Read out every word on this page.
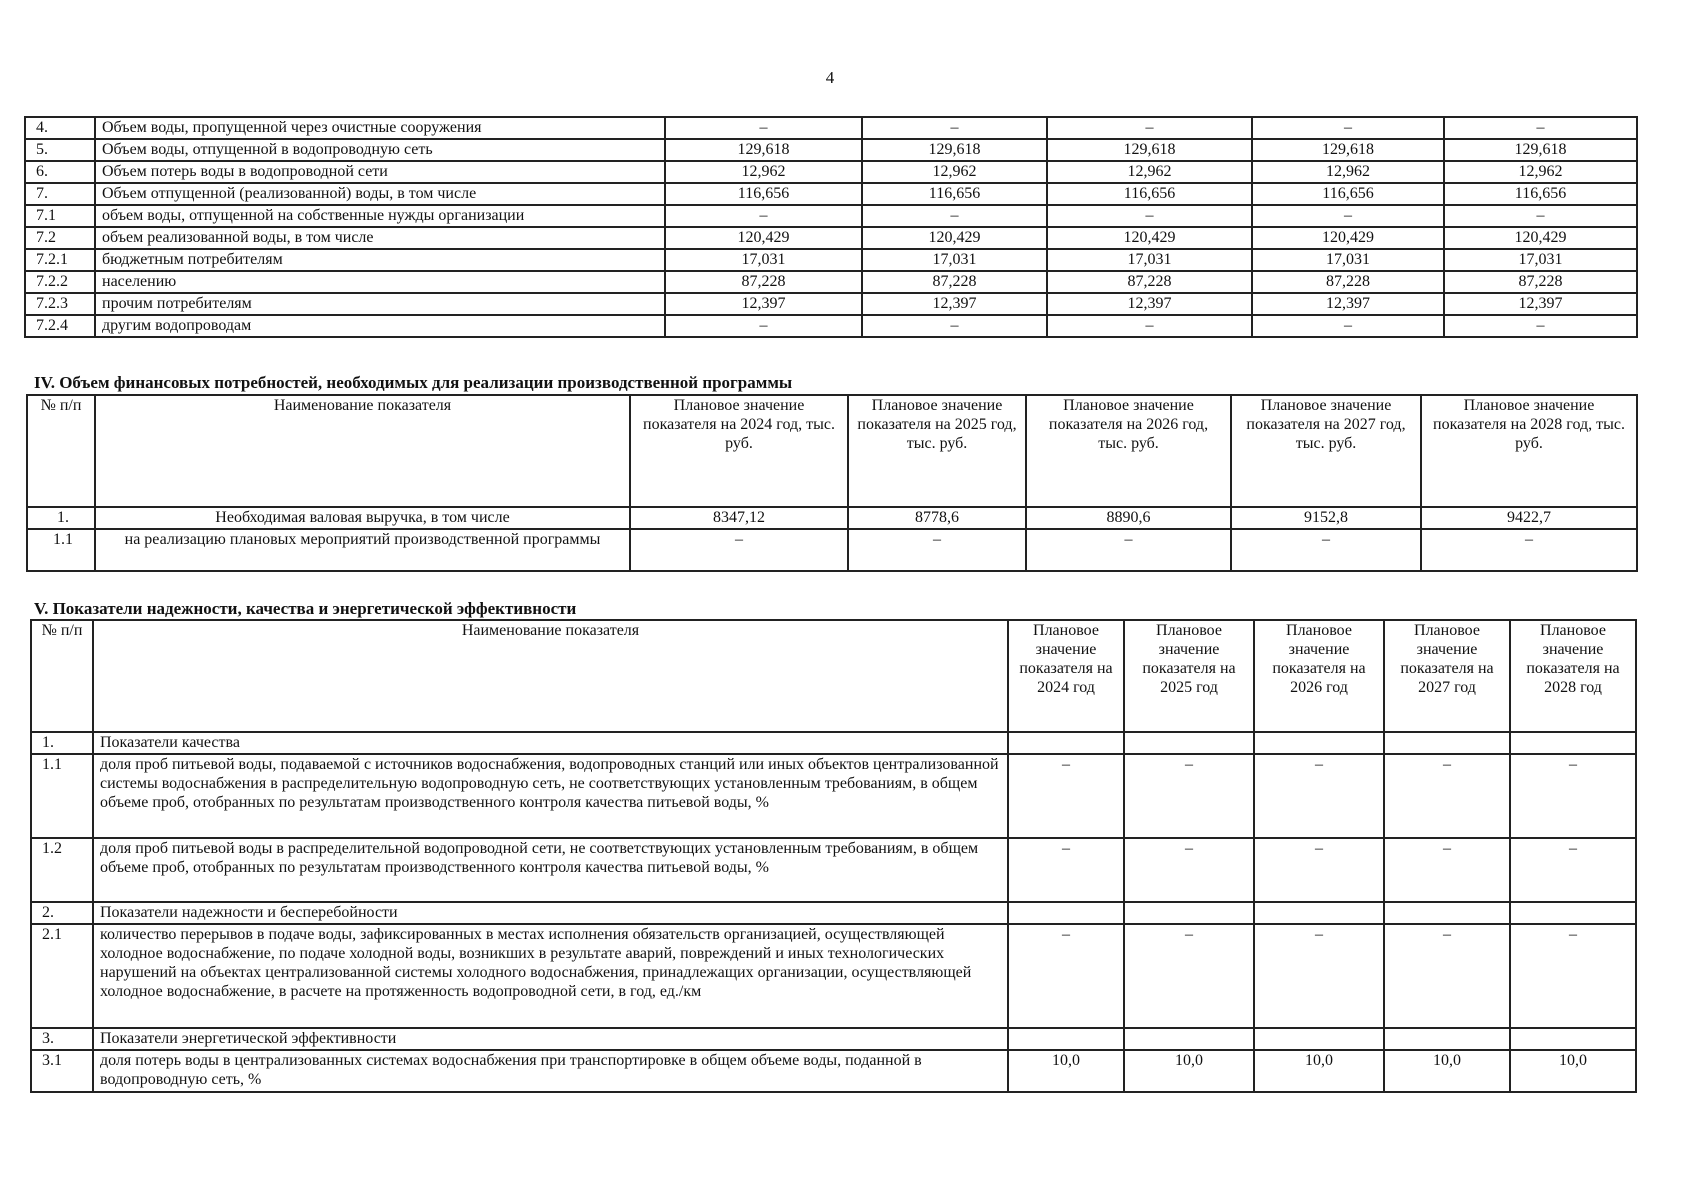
4
4.	Объем воды, пропущенной через очистные сооружения	–	–	–	–	–
5.	Объем воды, отпущенной в водопроводную сеть	129,618	129,618	129,618	129,618	129,618
6.	Объем потерь воды в водопроводной сети	12,962	12,962	12,962	12,962	12,962
7.	Объем отпущенной (реализованной) воды, в том числе	116,656	116,656	116,656	116,656	116,656
7.1	объем воды, отпущенной на собственные нужды организации	–	–	–	–	–
7.2	объем реализованной воды, в том числе	120,429	120,429	120,429	120,429	120,429
7.2.1	бюджетным потребителям	17,031	17,031	17,031	17,031	17,031
7.2.2	населению	87,228	87,228	87,228	87,228	87,228
7.2.3	прочим потребителям	12,397	12,397	12,397	12,397	12,397
7.2.4	другим водопроводам	–	–	–	–	–
IV. Объем финансовых потребностей, необходимых для реализации производственной программы
№ п/п	Наименование показателя	Плановое значение показателя на 2024 год, тыс. руб.	Плановое значение показателя на 2025 год, тыс. руб.	Плановое значение показателя на 2026 год, тыс. руб.	Плановое значение показателя на 2027 год, тыс. руб.	Плановое значение показателя на 2028 год, тыс. руб.
1.	Необходимая валовая выручка, в том числе	8347,12	8778,6	8890,6	9152,8	9422,7
1.1	на реализацию плановых мероприятий производственной программы	–	–	–	–	–
V. Показатели надежности, качества и энергетической эффективности
№ п/п	Наименование показателя	Плановое значение показателя на 2024 год	Плановое значение показателя на 2025 год	Плановое значение показателя на 2026 год	Плановое значение показателя на 2027 год	Плановое значение показателя на 2028 год
1.	Показатели качества					
1.1	доля проб питьевой воды, подаваемой с источников водоснабжения, водопроводных станций или иных объектов централизованной системы водоснабжения в распределительную водопроводную сеть, не соответствующих установленным требованиям, в общем объеме проб, отобранных по результатам производственного контроля качества питьевой воды, %	–	–	–	–	–
1.2	доля проб питьевой воды в распределительной водопроводной сети, не соответствующих установленным требованиям, в общем объеме проб, отобранных по результатам производственного контроля качества питьевой воды, %	–	–	–	–	–
2.	Показатели надежности и бесперебойности					
2.1	количество перерывов в подаче воды, зафиксированных в местах исполнения обязательств организацией, осуществляющей холодное водоснабжение, по подаче холодной воды, возникших в результате аварий, повреждений и иных технологических нарушений на объектах централизованной системы холодного водоснабжения, принадлежащих организации, осуществляющей холодное водоснабжение, в расчете на протяженность водопроводной сети, в год, ед./км	–	–	–	–	–
3.	Показатели энергетической эффективности					
3.1	доля потерь воды в централизованных системах водоснабжения при транспортировке в общем объеме воды, поданной в водопроводную сеть, %	10,0	10,0	10,0	10,0	10,0
